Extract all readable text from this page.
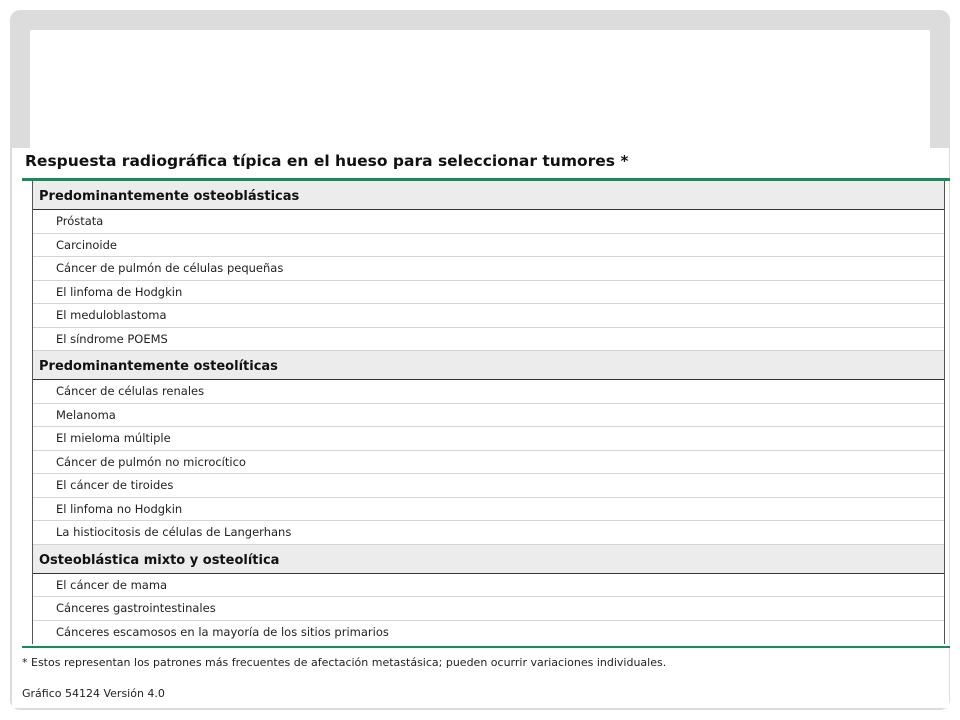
Respuesta radiográfica típica en el hueso para seleccionar tumores *
Predominantemente osteoblásticas
Próstata
Carcinoide
Cáncer de pulmón de células pequeñas
El linfoma de Hodgkin
El meduloblastoma
El síndrome POEMS
Predominantemente osteolíticas
Cáncer de células renales
Melanoma
El mieloma múltiple
Cáncer de pulmón no microcítico
El cáncer de tiroides
El linfoma no Hodgkin
La histiocitosis de células de Langerhans
Osteoblástica mixto y osteolítica
El cáncer de mama
Cánceres gastrointestinales
Cánceres escamosos en la mayoría de los sitios primarios
* Estos representan los patrones más frecuentes de afectación metastásica; pueden ocurrir variaciones individuales.
Gráfico 54124 Versión 4.0
